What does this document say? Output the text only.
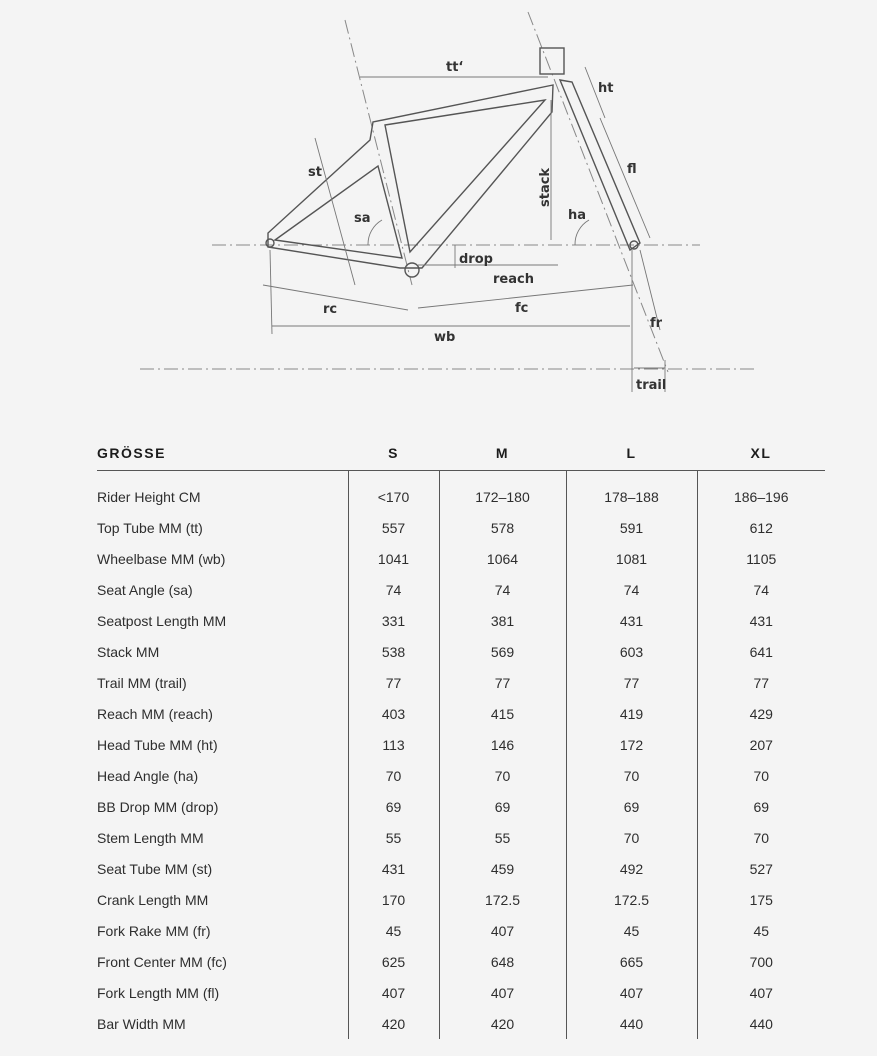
tt‘
ht
st	fl
stack
sa	ha
drop
reach
rc	fc
fr
wb
trail
GRÖSSE	S	M	L	XL
Rider Height CM	<170	172–180	178–188	186–196
Top Tube MM (tt)	557	578	591	612
Wheelbase MM (wb)	1041	1064	1081	1105
Seat Angle (sa)	74	74	74	74
Seatpost Length MM	331	381	431	431
Stack MM	538	569	603	641
Trail MM (trail)	77	77	77	77
Reach MM (reach)	403	415	419	429
Head Tube MM (ht)	113	146	172	207
Head Angle (ha)	70	70	70	70
BB Drop MM (drop)	69	69	69	69
Stem Length MM	55	55	70	70
Seat Tube MM (st)	431	459	492	527
Crank Length MM	170	172.5	172.5	175
Fork Rake MM (fr)	45	407	45	45
Front Center MM (fc)	625	648	665	700
Fork Length MM (fl)	407	407	407	407
Bar Width MM	420	420	440	440
